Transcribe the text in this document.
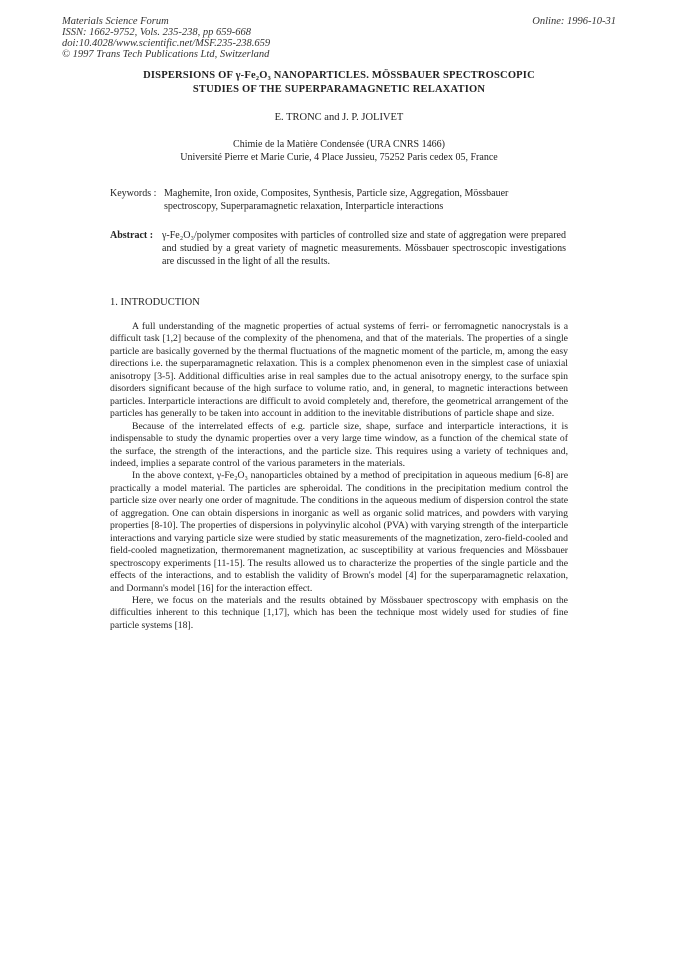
Materials Science Forum
ISSN: 1662-9752, Vols. 235-238, pp 659-668
doi:10.4028/www.scientific.net/MSF.235-238.659
© 1997 Trans Tech Publications Ltd, Switzerland
Online: 1996-10-31
DISPERSIONS OF γ-Fe₂O₃ NANOPARTICLES. MÖSSBAUER SPECTROSCOPIC
STUDIES OF THE SUPERPARAMAGNETIC RELAXATION
E. TRONC and J. P. JOLIVET
Chimie de la Matière Condensée (URA CNRS 1466)
Université Pierre et Marie Curie, 4 Place Jussieu, 75252 Paris cedex 05, France
Keywords : Maghemite, Iron oxide, Composites, Synthesis, Particle size, Aggregation, Mössbauer spectroscopy, Superparamagnetic relaxation, Interparticle interactions
Abstract : γ-Fe₂O₃/polymer composites with particles of controlled size and state of aggregation were prepared and studied by a great variety of magnetic measurements. Mössbauer spectroscopic investigations are discussed in the light of all the results.
1. INTRODUCTION

A full understanding of the magnetic properties of actual systems of ferri- or ferromagnetic nanocrystals is a difficult task [1,2] because of the complexity of the phenomena, and that of the materials. The properties of a single particle are basically governed by the thermal fluctuations of the magnetic moment of the particle, m, among the easy directions i.e. the superparamagnetic relaxation. This is a complex phenomenon even in the simplest case of uniaxial anisotropy [3-5]. Additional difficulties arise in real samples due to the actual anisotropy energy, to the surface spin disorders significant because of the high surface to volume ratio, and, in general, to magnetic interactions between particles. Interparticle interactions are difficult to avoid completely and, therefore, the geometrical arrangement of the particles has generally to be taken into account in addition to the inevitable distributions of particle shape and size.

Because of the interrelated effects of e.g. particle size, shape, surface and interparticle interactions, it is indispensable to study the dynamic properties over a very large time window, as a function of the chemical state of the surface, the strength of the interactions, and the particle size. This requires using a variety of techniques and, indeed, implies a separate control of the various parameters in the materials.

In the above context, γ-Fe₂O₃ nanoparticles obtained by a method of precipitation in aqueous medium [6-8] are practically a model material. The particles are spheroidal. The conditions in the precipitation medium control the particle size over nearly one order of magnitude. The conditions in the aqueous medium of dispersion control the state of aggregation. One can obtain dispersions in inorganic as well as organic solid matrices, and powders with varying properties [8-10]. The properties of dispersions in polyvinylic alcohol (PVA) with varying strength of the interparticle interactions and varying particle size were studied by static measurements of the magnetization, zero-field-cooled and field-cooled magnetization, thermoremanent magnetization, ac susceptibility at various frequencies and Mössbauer spectroscopy experiments [11-15]. The results allowed us to characterize the properties of the single particle and the effects of the interactions, and to establish the validity of Brown's model [4] for the superparamagnetic relaxation, and Dormann's model [16] for the interaction effect.

Here, we focus on the materials and the results obtained by Mössbauer spectroscopy with emphasis on the difficulties inherent to this technique [1,17], which has been the technique most widely used for studies of fine particle systems [18].
